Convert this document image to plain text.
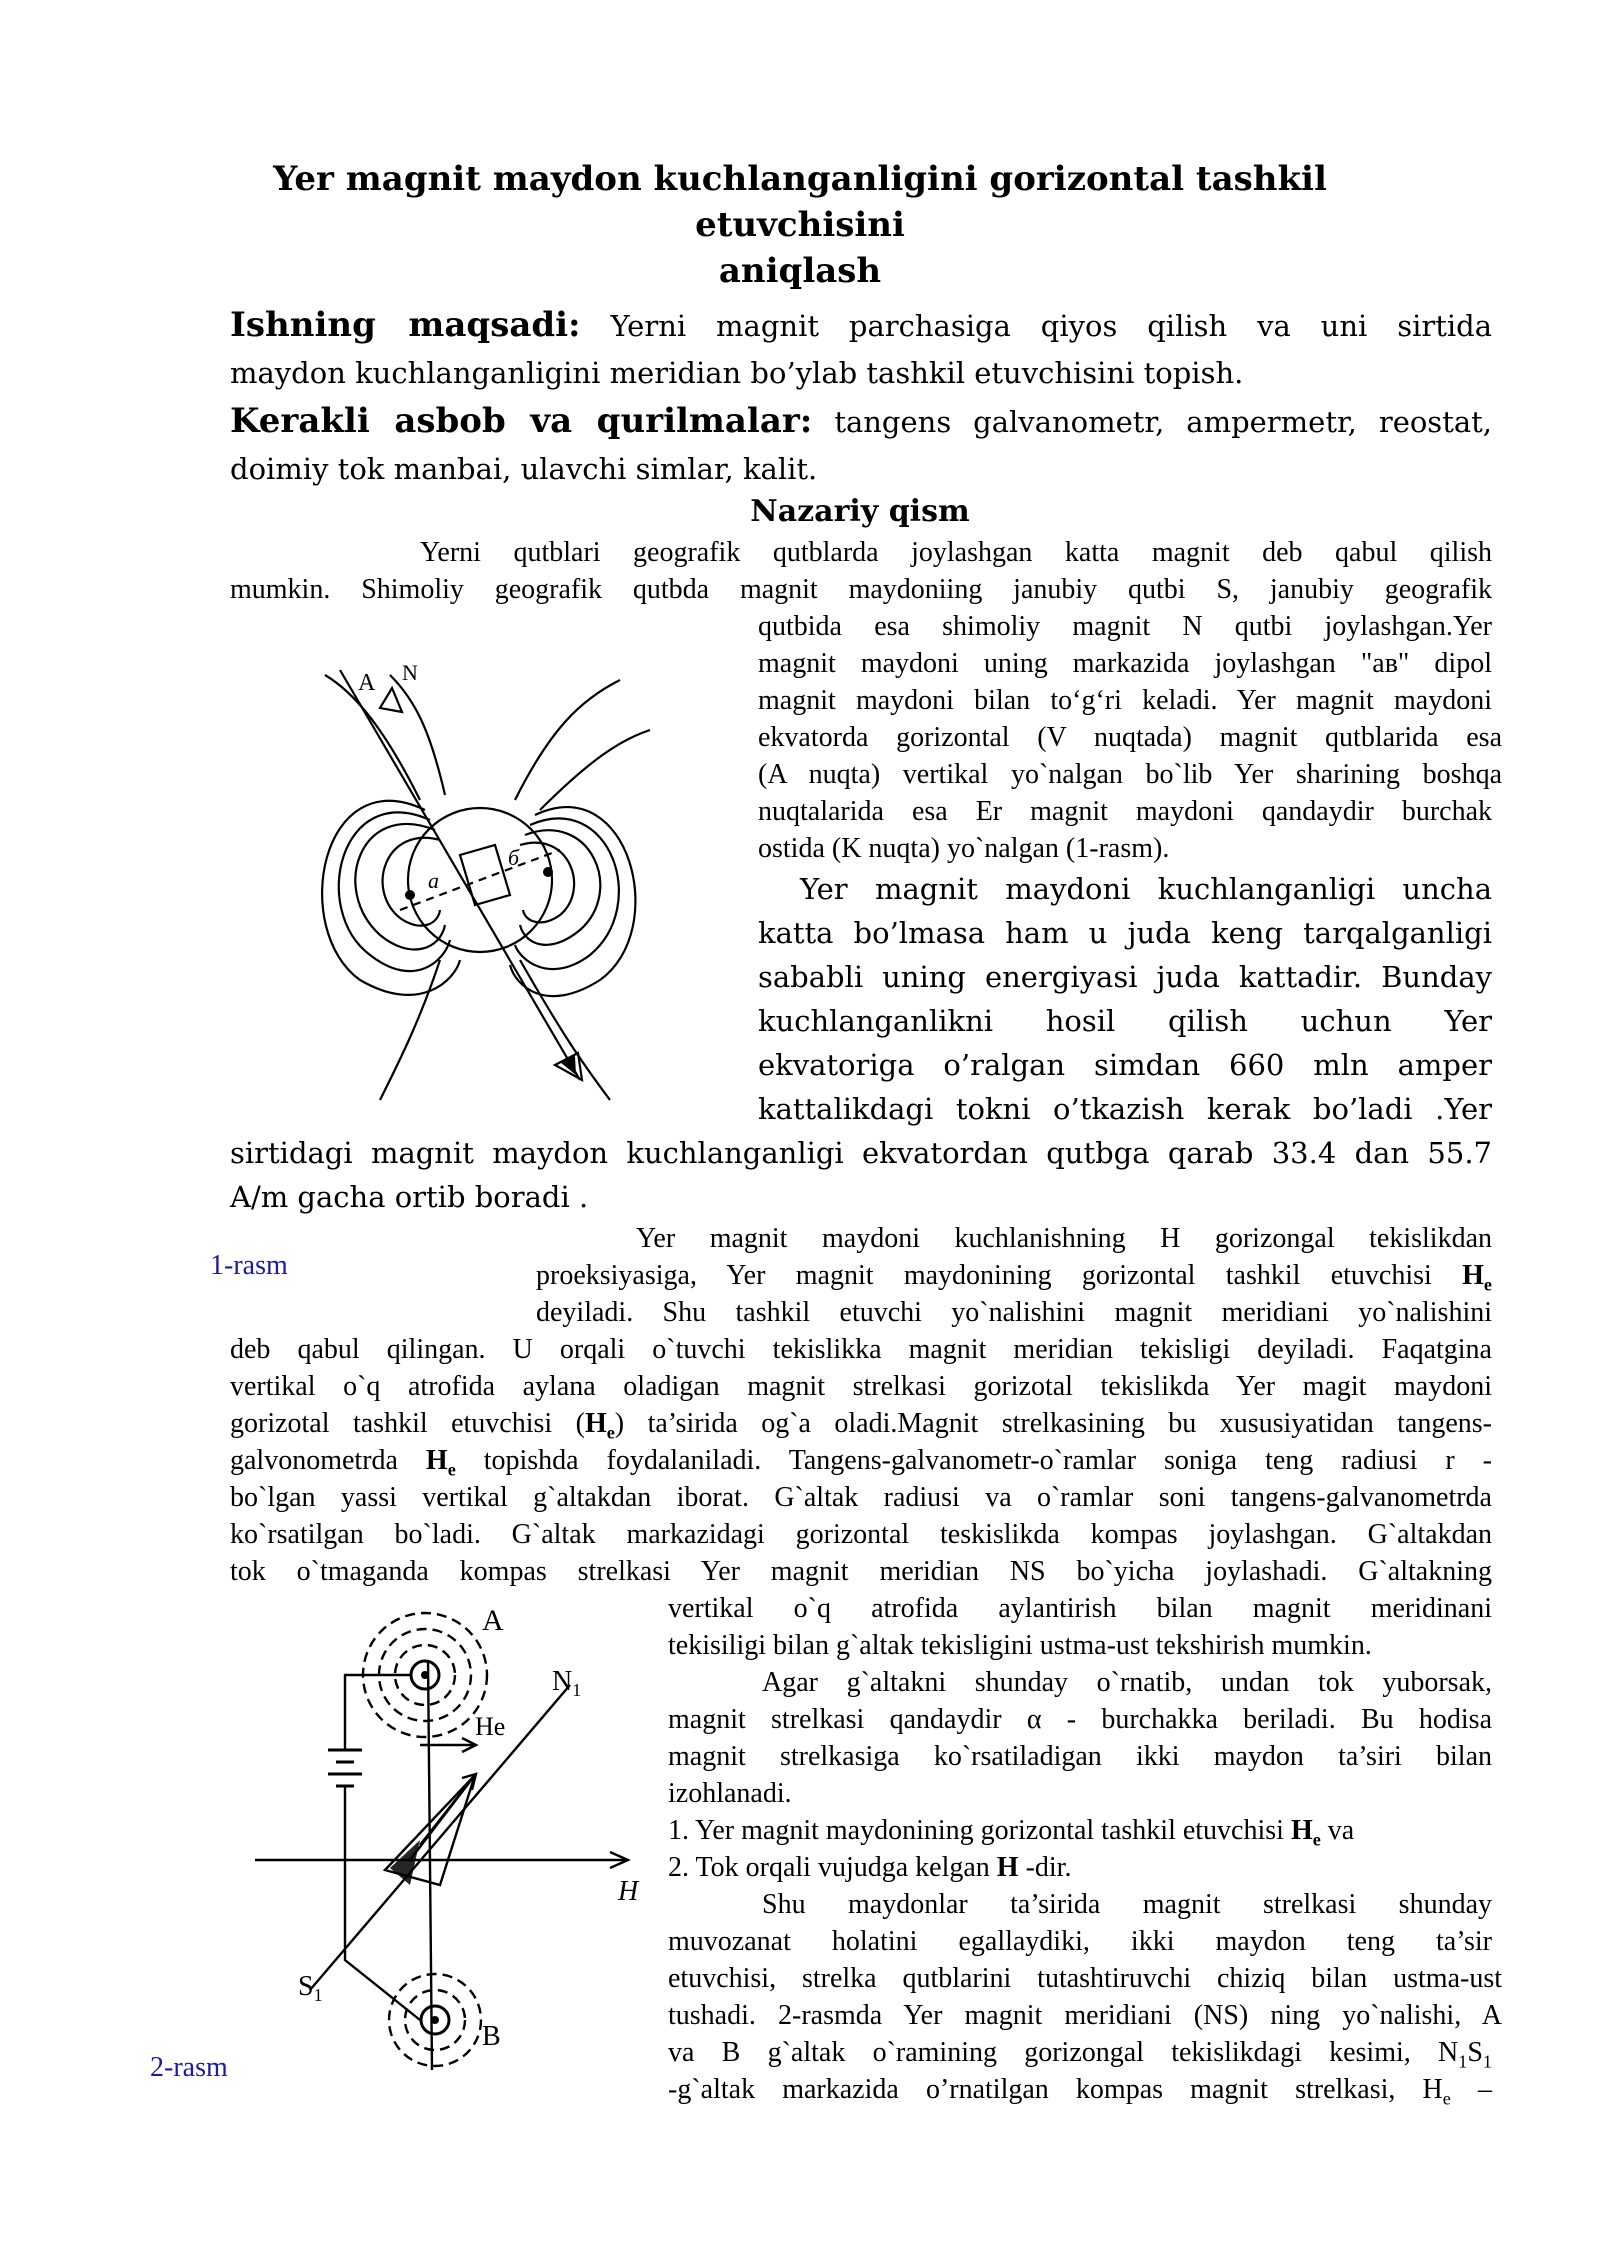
Yer magnit maydon kuchlanganligini gorizontal tashkil etuvchisini
aniqlash
Ishning maqsadi: Yerni magnit parchasiga qiyos qilish va uni sirtida
maydon kuchlanganligini meridian bo’ylab tashkil etuvchisini topish.
Kerakli asbob va qurilmalar: tangens galvanometr, ampermetr, reostat,
doimiy tok manbai, ulavchi simlar, kalit.
Nazariy qism
Yerni qutblari geografik qutblarda joylashgan katta magnit deb qabul qilish
mumkin. Shimoliy geografik qutbda magnit maydoniing janubiy qutbi S, janubiy geografik
qutbida esa shimoliy magnit N qutbi joylashgan.Yer
magnit maydoni uning markazida joylashgan "ав" dipol
magnit maydoni bilan to‘g‘ri keladi. Yer magnit maydoni
ekvatorda gorizontal (V nuqtada) magnit qutblarida esa
(A nuqta) vertikal yo`nalgan bo`lib Yer sharining boshqa
nuqtalarida esa Er magnit maydoni qandaydir burchak
ostida (K nuqta) yo`nalgan (1-rasm).
Yer magnit maydoni kuchlanganligi uncha
katta bo’lmasa ham u juda keng tarqalganligi
sababli uning energiyasi juda kattadir. Bunday
kuchlanganlikni hosil qilish uchun Yer
ekvatoriga o’ralgan simdan 660 mln amper
kattalikdagi tokni o’tkazish kerak bo’ladi .Yer
sirtidagi magnit maydon kuchlanganligi ekvatordan qutbga qarab 33.4 dan 55.7
A/m gacha ortib boradi .
A N
a
б
1-rasm
Yer magnit maydoni kuchlanishning H gorizongal tekislikdan
proeksiyasiga, Yer magnit maydonining gorizontal tashkil etuvchisi $H_e$
deyiladi. Shu tashkil etuvchi yo`nalishini magnit meridiani yo`nalishini
deb qabul qilingan. U orqali o`tuvchi tekislikka magnit meridian tekisligi deyiladi. Faqatgina
vertikal o`q atrofida aylana oladigan magnit strelkasi gorizotal tekislikda Yer magit maydoni
gorizotal tashkil etuvchisi $(H_e)$ ta’sirida og`a oladi.Magnit strelkasining bu xususiyatidan tangens-
galvonometrda $H_e$ topishda foydalaniladi. Tangens-galvanometr-o`ramlar soniga teng radiusi r -
bo`lgan yassi vertikal g`altakdan iborat. G`altak radiusi va o`ramlar soni tangens-galvanometrda
ko`rsatilgan bo`ladi. G`altak markazidagi gorizontal teskislikda kompas joylashgan. G`altakdan
tok o`tmaganda kompas strelkasi Yer magnit meridian NS bo`yicha joylashadi. G`altakning
vertikal o`q atrofida aylantirish bilan magnit meridinani
tekisiligi bilan g`altak tekisligini ustma-ust tekshirish mumkin.
Agar g`altakni shunday o`rnatib, undan tok yuborsak,
magnit strelkasi qandaydir α - burchakka beriladi. Bu hodisa
magnit strelkasiga ko`rsatiladigan ikki maydon ta’siri bilan
izohlanadi.
1. Yer magnit maydonining gorizontal tashkil etuvchisi $H_e$ va
2. Tok orqali vujudga kelgan H -dir.
Shu maydonlar ta’sirida magnit strelkasi shunday
muvozanat holatini egallaydiki, ikki maydon teng ta’sir
etuvchisi, strelka qutblarini tutashtiruvchi chiziq bilan ustma-ust
tushadi. 2-rasmda Yer magnit meridiani (NS) ning yo`nalishi, A
va B g`altak o`ramining gorizongal tekislikdagi kesimi, $N_1S_1$
-g`altak markazida o’rnatilgan kompas magnit strelkasi, $H_e$ –
A
$N_1$
He
H
$S_1$
B
2-rasm
